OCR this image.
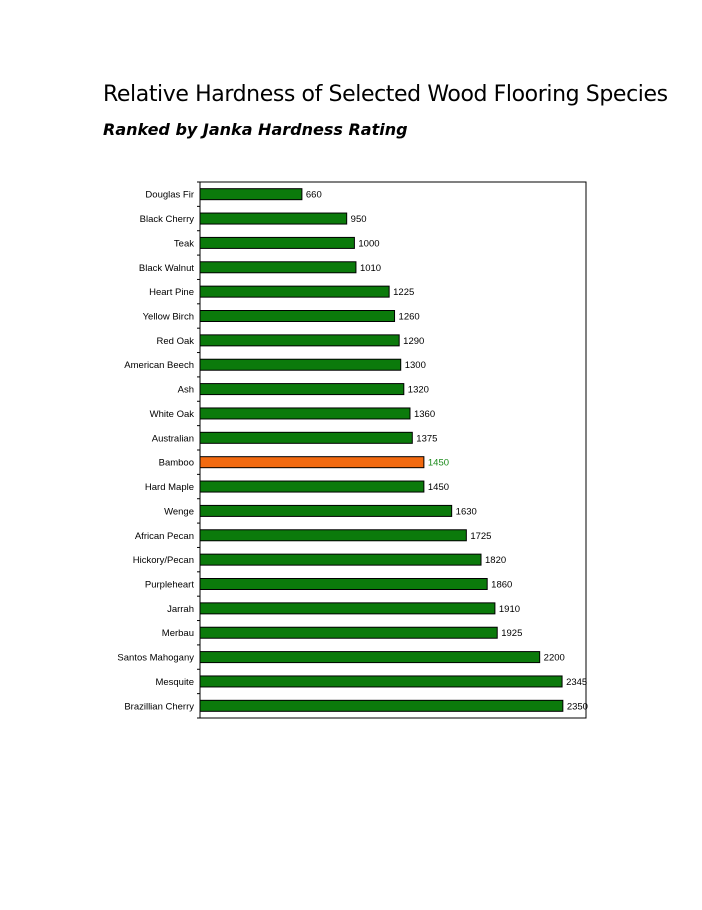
Relative Hardness of Selected Wood Flooring Species
Ranked by Janka Hardness Rating
Douglas Fir	660
Black Cherry	950
Teak	1000
Black Walnut	1010
Heart Pine	1225
Yellow Birch	1260
Red Oak	1290
American Beech	1300
Ash	1320
White Oak	1360
Australian	1375
Bamboo	1450
Hard Maple	1450
Wenge	1630
African Pecan	1725
Hickory/Pecan	1820
Purpleheart	1860
Jarrah	1910
Merbau	1925
Santos Mahogany	2200
Mesquite	2345
Brazillian Cherry	2350
